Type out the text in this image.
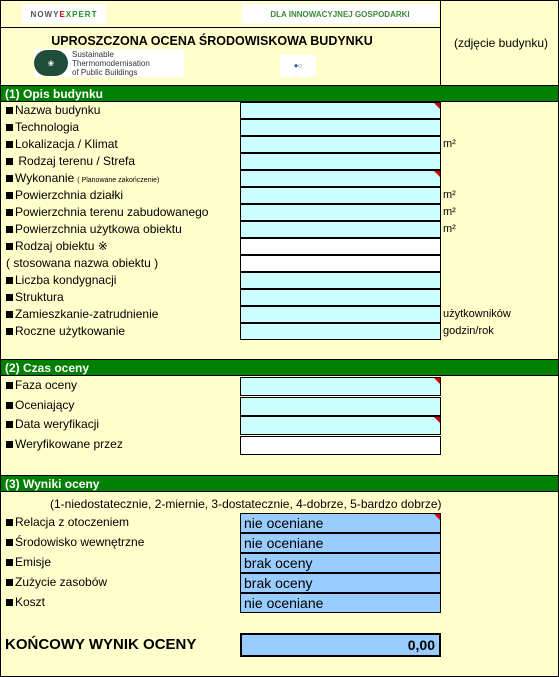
NOWY E XPERT	DLA INNOWACYJNEJ GOSPODARKI
UPROSZCZONA OCENA ŚRODOWISKOWA BUDYNKU	(zdjęcie budynku)
❀
Sustainable
Thermomodernisation
of Public Buildings
◆◇
(1) Opis budynku
Nazwa budynku
Technologia
Lokalizacja / Klimat	m²
Rodzaj terenu / Strefa
Wykonanie ( Planowane zakończenie)
Powierzchnia działki	m²
Powierzchnia terenu zabudowanego	m²
Powierzchnia użytkowa obiektu	m²
Rodzaj obiektu ※
( stosowana nazwa obiektu )
Liczba kondygnacji
Struktura
Zamieszkanie-zatrudnienie	użytkowników
Roczne użytkowanie	godzin/rok
(2) Czas oceny
Faza oceny
Oceniający
Data weryfikacji
Weryfikowane przez
(3) Wyniki oceny
(1-niedostatecznie, 2-miernie, 3-dostatecznie, 4-dobrze, 5-bardzo dobrze)
Relacja z otoczeniem	nie oceniane
Środowisko wewnętrzne	nie oceniane
Emisje	brak oceny
Zużycie zasobów	brak oceny
Koszt	nie oceniane
KOŃCOWY WYNIK OCENY	0,00
